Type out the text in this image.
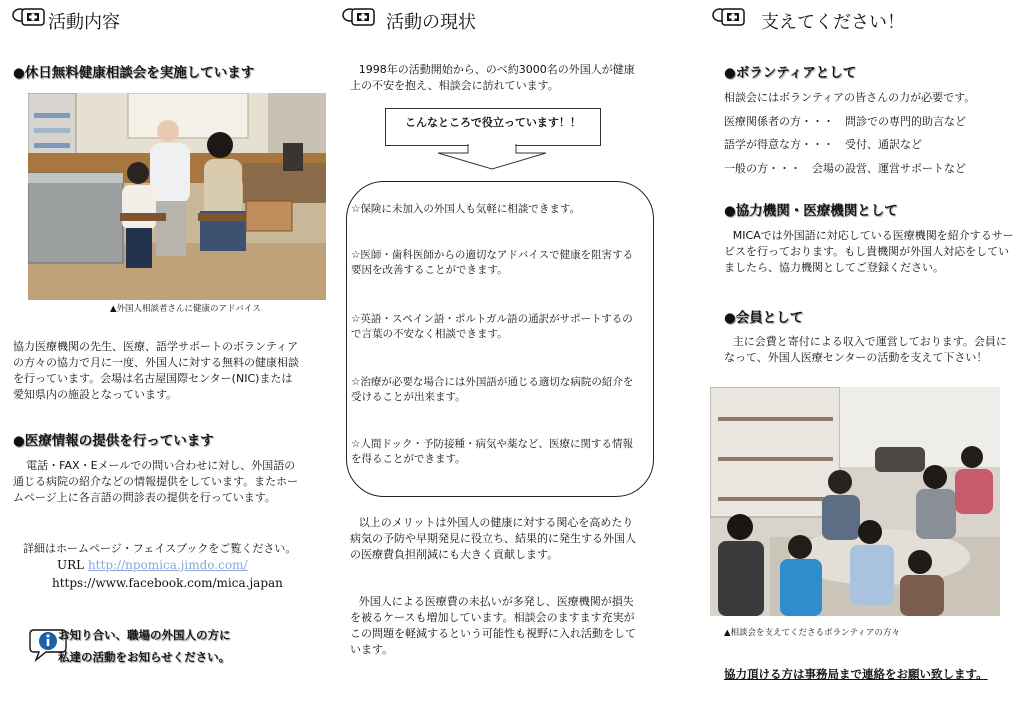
活動内容
●休日無料健康相談会を実施しています
▲外国人相談者さんに健康のアドバイス
協力医療機関の先生、医療、語学サポートのボランティアの方々の協力で月に一度、外国人に対する無料の健康相談を行っています。会場は名古屋国際センター(NIC)または愛知県内の施設となっています。
●医療情報の提供を行っています
電話・FAX・Eメールでの問い合わせに対し、外国語の通じる病院の紹介などの情報提供をしています。またホームページ上に各言語の問診表の提供を行っています。
詳細はホームページ・フェイスブックをご覧ください。
URL http://npomica.jimdo.com/
https://www.facebook.com/mica.japan
お知り合い、職場の外国人の方に
私達の活動をお知らせください。
活動の現状
1998年の活動開始から、のべ約3000名の外国人が健康上の不安を抱え、相談会に訪れています。
こんなところで役立っています！！

☆保険に未加入の外国人も気軽に相談できます。

☆医師・歯科医師からの適切なアドバイスで健康を阻害する要因を改善することができます。

☆英語・スペイン語・ポルトガル語の通訳がサポートするので言葉の不安なく相談できます。

☆治療が必要な場合には外国語が通じる適切な病院の紹介を受けることが出来ます。

☆人間ドック・予防接種・病気や薬など、医療に関する情報を得ることができます。

以上のメリットは外国人の健康に対する関心を高めたり病気の予防や早期発見に役立ち、結果的に発生する外国人の医療費負担削減にも大きく貢献します。
外国人による医療費の未払いが多発し、医療機関が損失を被るケースも増加しています。相談会のますます充実がこの問題を軽減するという可能性も視野に入れ活動をしています。
支えてください！
●ボランティアとして
相談会にはボランティアの皆さんの力が必要です。
医療関係者の方・・・　問診での専門的助言など
語学が得意な方・・・　受付、通訳など
一般の方・・・　会場の設営、運営サポートなど
●協力機関・医療機関として
MICAでは外国語に対応している医療機関を紹介するサービスを行っております。もし貴機関が外国人対応をしていましたら、協力機関としてご登録ください。
●会員として
主に会費と寄付による収入で運営しております。会員になって、外国人医療センターの活動を支えて下さい！
▲相談会を支えてくださるボランティアの方々
協力頂ける方は事務局まで連絡をお願い致します。
